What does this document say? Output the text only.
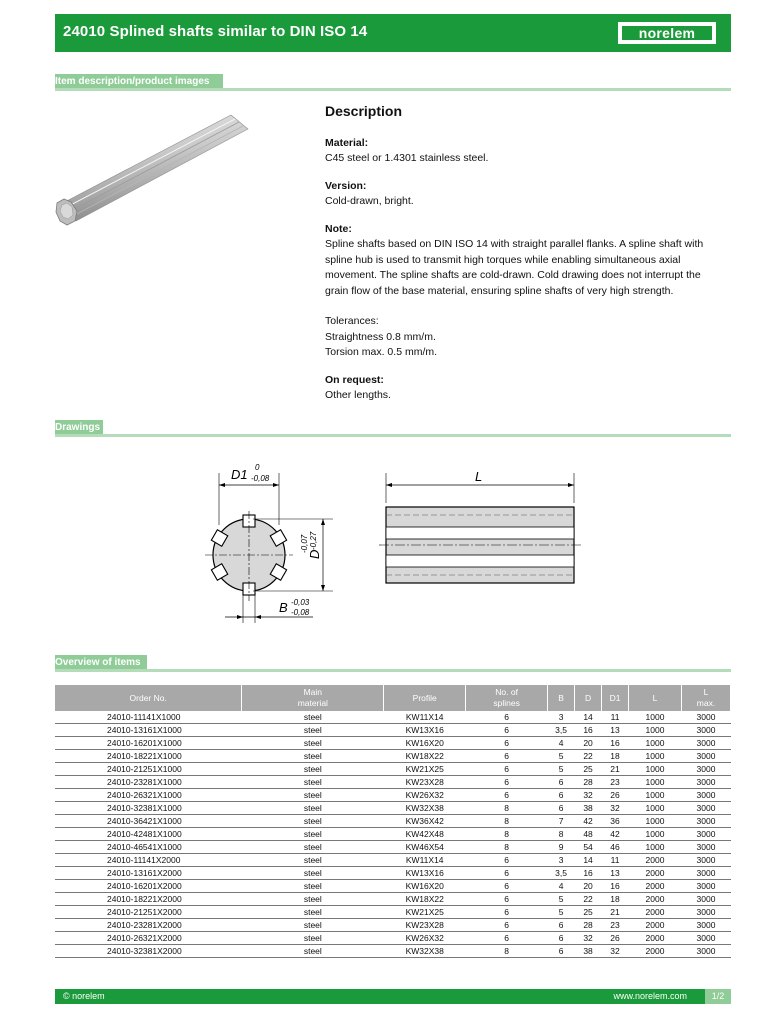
24010 Splined shafts similar to DIN ISO 14	norelem
Item description/product images
Description

Material:

C45 steel or 1.4301 stainless steel.

Version:

Cold-drawn, bright.

Note:

Spline shafts based on DIN ISO 14 with straight parallel flanks. A spline shaft with

spline hub is used to transmit high torques while enabling simultaneous axial

movement. The spline shafts are cold-drawn. Cold drawing does not interrupt the

grain flow of the base material, ensuring spline shafts of very high strength.

Tolerances:

Straightness 0.8 mm/m.

Torsion max. 0.5 mm/m.

On request:

Other lengths.

Drawings
D1 0
-0,08
D
-0,07 -0,27
B -0,03
-0,08
L
Overview of items
Order No.	Main
material	Profile	No. of
splines	B	D	D1	L	L
max.
24010-11141X1000	steel	KW11X14	6	3	14	11	1000	3000
24010-13161X1000	steel	KW13X16	6	3,5	16	13	1000	3000
24010-16201X1000	steel	KW16X20	6	4	20	16	1000	3000
24010-18221X1000	steel	KW18X22	6	5	22	18	1000	3000
24010-21251X1000	steel	KW21X25	6	5	25	21	1000	3000
24010-23281X1000	steel	KW23X28	6	6	28	23	1000	3000
24010-26321X1000	steel	KW26X32	6	6	32	26	1000	3000
24010-32381X1000	steel	KW32X38	8	6	38	32	1000	3000
24010-36421X1000	steel	KW36X42	8	7	42	36	1000	3000
24010-42481X1000	steel	KW42X48	8	8	48	42	1000	3000
24010-46541X1000	steel	KW46X54	8	9	54	46	1000	3000
24010-11141X2000	steel	KW11X14	6	3	14	11	2000	3000
24010-13161X2000	steel	KW13X16	6	3,5	16	13	2000	3000
24010-16201X2000	steel	KW16X20	6	4	20	16	2000	3000
24010-18221X2000	steel	KW18X22	6	5	22	18	2000	3000
24010-21251X2000	steel	KW21X25	6	5	25	21	2000	3000
24010-23281X2000	steel	KW23X28	6	6	28	23	2000	3000
24010-26321X2000	steel	KW26X32	6	6	32	26	2000	3000
24010-32381X2000	steel	KW32X38	8	6	38	32	2000	3000
© norelem	www.norelem.com	1/2
